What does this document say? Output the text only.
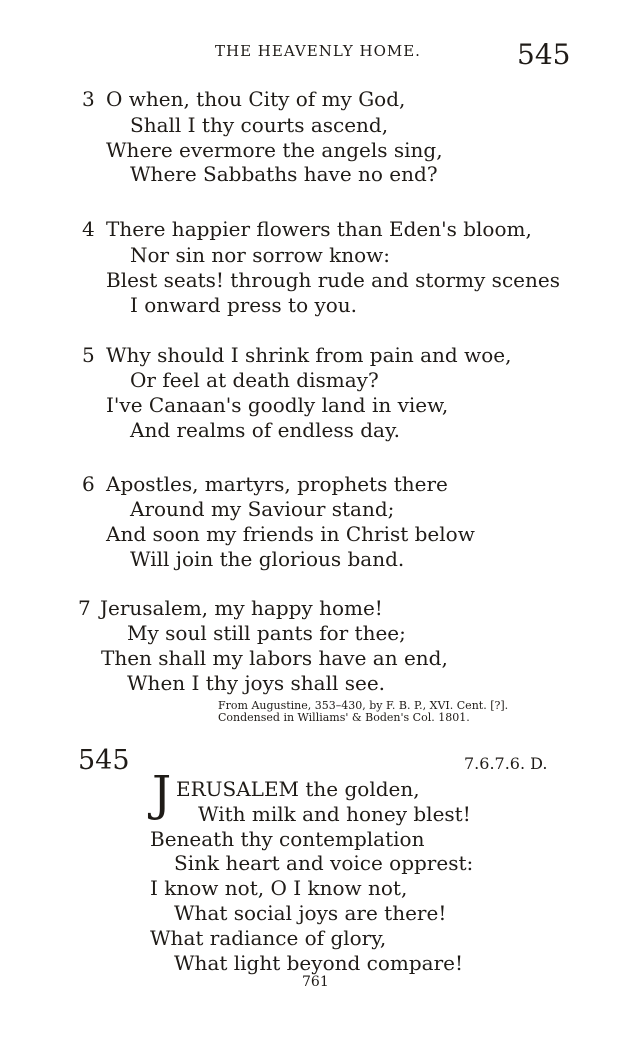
THE HEAVENLY HOME.	545
3 O when, thou City of my God,
Shall I thy courts ascend,
Where evermore the angels sing,
Where Sabbaths have no end?
4 There happier flowers than Eden's bloom,
Nor sin nor sorrow know:
Blest seats! through rude and stormy scenes
I onward press to you.
5 Why should I shrink from pain and woe,
Or feel at death dismay?
I've Canaan's goodly land in view,
And realms of endless day.
6 Apostles, martyrs, prophets there
Around my Saviour stand;
And soon my friends in Christ below
Will join the glorious band.
7 Jerusalem, my happy home!
My soul still pants for thee;
Then shall my labors have an end,
When I thy joys shall see.
From Augustine, 353–430, by F. B. P., XVI. Cent. [?].
Condensed in Williams' & Boden's Col. 1801.
545	7.6.7.6. D.
J ERUSALEM the golden,
With milk and honey blest!
Beneath thy contemplation
Sink heart and voice opprest:
I know not, O I know not,
What social joys are there!
What radiance of glory,
What light beyond compare!
761
